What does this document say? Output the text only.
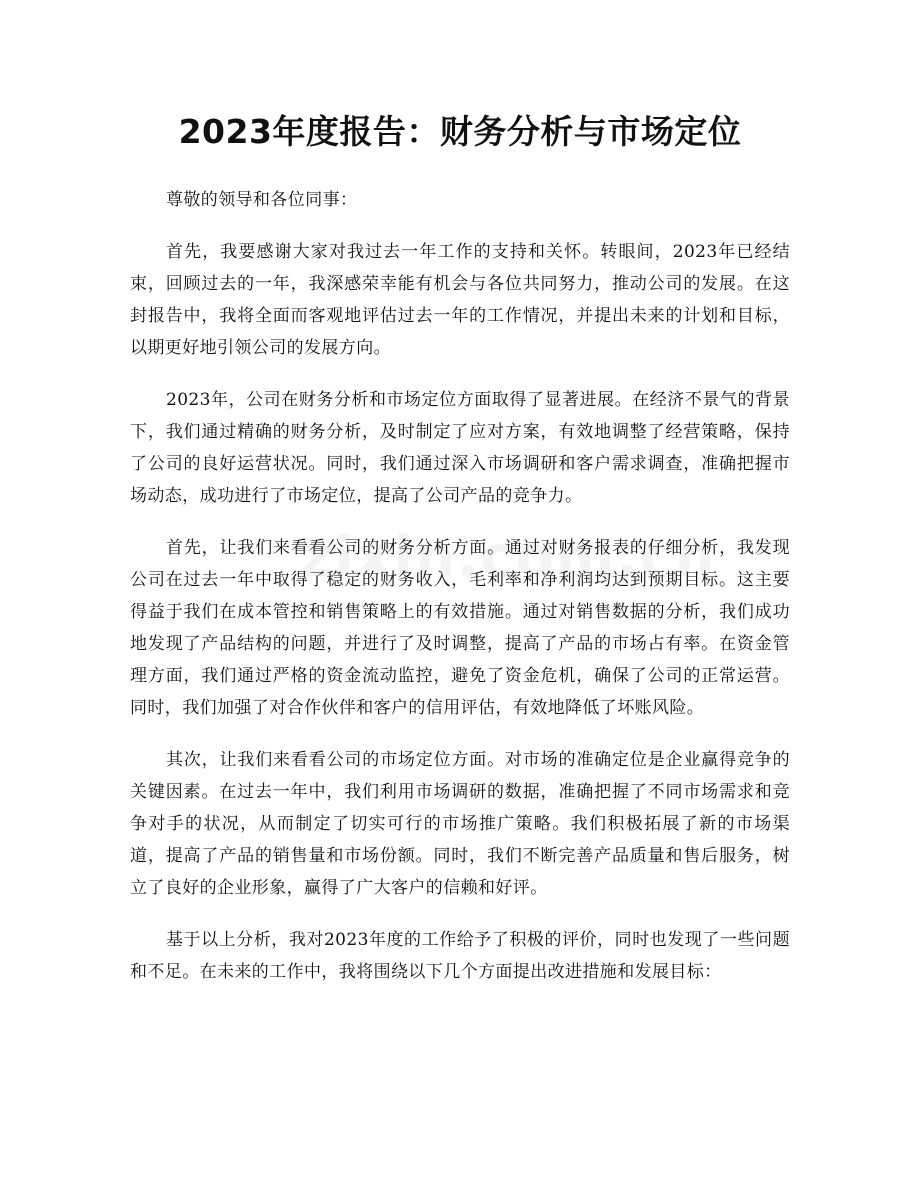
2023年度报告：财务分析与市场定位

尊敬的领导和各位同事：

首先，我要感谢大家对我过去一年工作的支持和关怀。转眼间，2023年已经结束，回顾过去的一年，我深感荣幸能有机会与各位共同努力，推动公司的发展。在这封报告中，我将全面而客观地评估过去一年的工作情况，并提出未来的计划和目标，以期更好地引领公司的发展方向。

2023年，公司在财务分析和市场定位方面取得了显著进展。在经济不景气的背景下，我们通过精确的财务分析，及时制定了应对方案，有效地调整了经营策略，保持了公司的良好运营状况。同时，我们通过深入市场调研和客户需求调查，准确把握市场动态，成功进行了市场定位，提高了公司产品的竞争力。

首先，让我们来看看公司的财务分析方面。通过对财务报表的仔细分析，我发现公司在过去一年中取得了稳定的财务收入，毛利率和净利润均达到预期目标。这主要得益于我们在成本管控和销售策略上的有效措施。通过对销售数据的分析，我们成功地发现了产品结构的问题，并进行了及时调整，提高了产品的市场占有率。在资金管理方面，我们通过严格的资金流动监控，避免了资金危机，确保了公司的正常运营。同时，我们加强了对合作伙伴和客户的信用评估，有效地降低了坏账风险。

其次，让我们来看看公司的市场定位方面。对市场的准确定位是企业赢得竞争的关键因素。在过去一年中，我们利用市场调研的数据，准确把握了不同市场需求和竞争对手的状况，从而制定了切实可行的市场推广策略。我们积极拓展了新的市场渠道，提高了产品的销售量和市场份额。同时，我们不断完善产品质量和售后服务，树立了良好的企业形象，赢得了广大客户的信赖和好评。

基于以上分析，我对2023年度的工作给予了积极的评价，同时也发现了一些问题和不足。在未来的工作中，我将围绕以下几个方面提出改进措施和发展目标：
